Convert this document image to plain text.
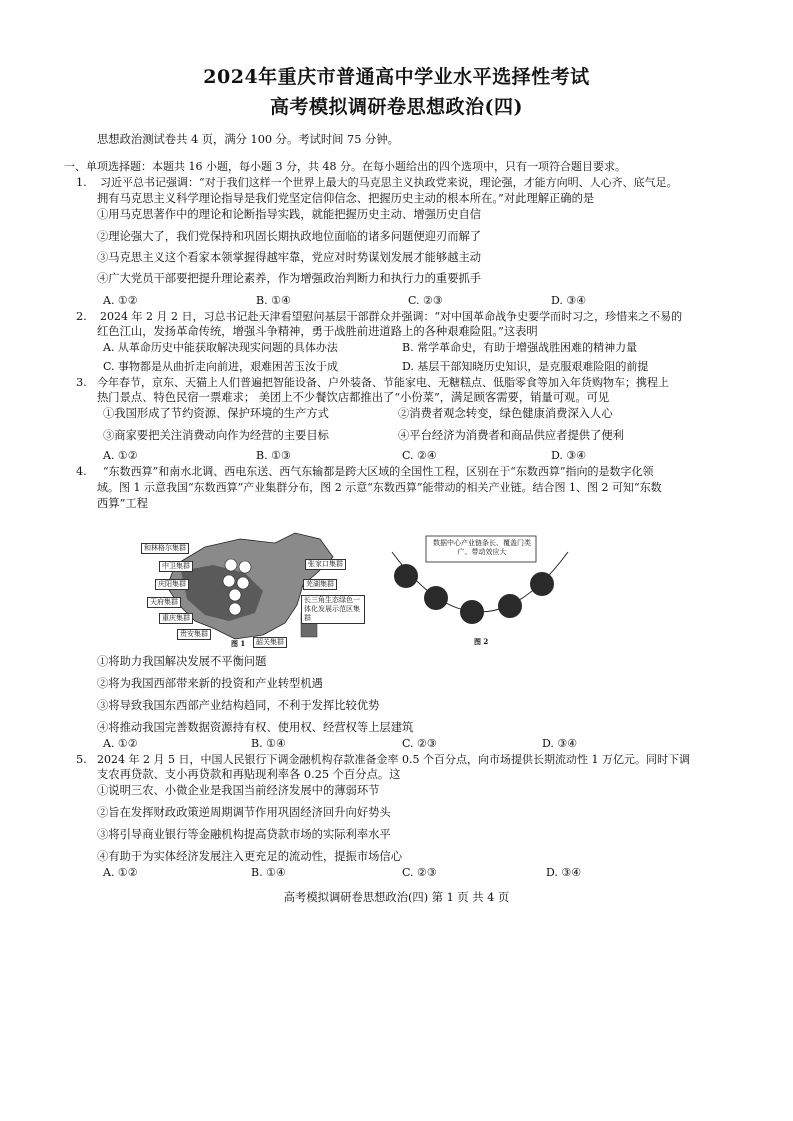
2024年重庆市普通高中学业水平选择性考试
高考模拟调研卷思想政治(四)
思想政治测试卷共 4 页，满分 100 分。考试时间 75 分钟。
一、单项选择题：本题共 16 小题，每小题 3 分，共 48 分。在每小题给出的四个选项中，只有一项符合题目要求。
1. 习近平总书记强调：“对于我们这样一个世界上最大的马克思主义执政党来说，理论强，才能方向明、人心齐、底气足。
拥有马克思主义科学理论指导是我们党坚定信仰信念、把握历史主动的根本所在。”对此理解正确的是
①用马克思著作中的理论和论断指导实践，就能把握历史主动、增强历史自信
②理论强大了，我们党保持和巩固长期执政地位面临的诸多问题便迎刃而解了
③马克思主义这个看家本领掌握得越牢靠，党应对时势谋划发展才能够越主动
④广大党员干部要把提升理论素养，作为增强政治判断力和执行力的重要抓手
A. ①②	B. ①④	C. ②③	D. ③④
2. 2024 年 2 月 2 日，习总书记赴天津看望慰问基层干部群众并强调：“对中国革命战争史要学而时习之，珍惜来之不易的
红色江山，发扬革命传统，增强斗争精神，勇于战胜前进道路上的各种艰难险阻。”这表明
A. 从革命历史中能获取解决现实问题的具体办法	B. 常学革命史，有助于增强战胜困难的精神力量
C. 事物都是从曲折走向前进，艰难困苦玉汝于成	D. 基层干部知晓历史知识，是克服艰难险阻的前提
3. 今年春节，京东、天猫上人们普遍把智能设备、户外装备、节能家电、无糖糕点、低脂零食等加入年货购物车；携程上
热门景点、特色民宿一票难求； 美团上不少餐饮店都推出了“小份菜”，满足顾客需要，销量可观。可见
①我国形成了节约资源、保护环境的生产方式	②消费者观念转变，绿色健康消费深入人心
③商家要把关注消费动向作为经营的主要目标	④平台经济为消费者和商品供应者提供了便利
A. ①②	B. ①③	C. ②④	D. ③④
4. “东数西算”和南水北调、西电东送、西气东输都是跨大区域的全国性工程，区别在于“东数西算”指向的是数字化领
域。图 1 示意我国“东数西算”产业集群分布，图 2 示意“东数西算”能带动的相关产业链。结合图 1、图 2 可知“东数
西算”工程
和林格尔集群
中卫集群
庆阳集群
天府集群
重庆集群
贵安集群
张家口集群
芜湖集群
长三角生态绿色一体化发展示范区集群
韶关集群
图 1
数据中心产业链条长、覆盖门类广、带动效应大
图 2
①将助力我国解决发展不平衡问题
②将为我国西部带来新的投资和产业转型机遇
③将导致我国东西部产业结构趋同，不利于发挥比较优势
④将推动我国完善数据资源持有权、使用权、经营权等上层建筑
A. ①②	B. ①④	C. ②③	D. ③④
5. 2024 年 2 月 5 日，中国人民银行下调金融机构存款准备金率 0.5 个百分点，向市场提供长期流动性 1 万亿元。同时下调
支农再贷款、支小再贷款和再贴现利率各 0.25 个百分点。这
①说明三农、小微企业是我国当前经济发展中的薄弱环节
②旨在发挥财政政策逆周期调节作用巩固经济回升向好势头
③将引导商业银行等金融机构提高贷款市场的实际利率水平
④有助于为实体经济发展注入更充足的流动性，提振市场信心
A. ①②	B. ①④	C. ②③	D. ③④
高考模拟调研卷思想政治(四) 第 1 页 共 4 页
